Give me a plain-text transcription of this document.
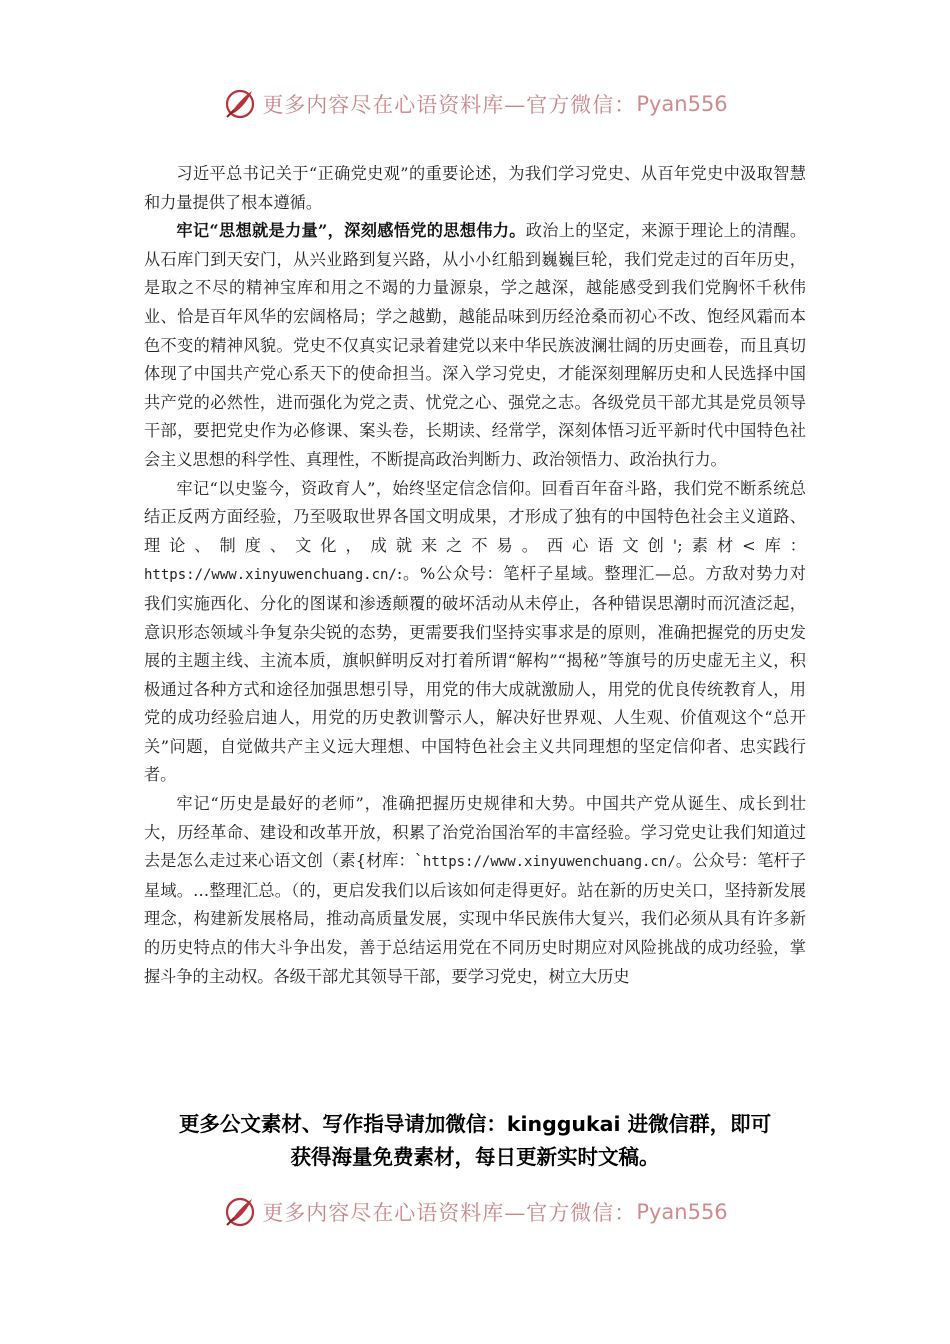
更多内容尽在心语资料库—官方微信： Pyan556

习近平总书记关于“正确党史观”的重要论述，为我们学习党史、从百年党史中汲取智慧和力量提供了根本遵循。

牢记“思想就是力量”，深刻感悟党的思想伟力。政治上的坚定，来源于理论上的清醒。从石库门到天安门，从兴业路到复兴路，从小小红船到巍巍巨轮，我们党走过的百年历史，是取之不尽的精神宝库和用之不竭的力量源泉，学之越深，越能感受到我们党胸怀千秋伟业、恰是百年风华的宏阔格局；学之越勤，越能品味到历经沧桑而初心不改、饱经风霜而本色不变的精神风貌。党史不仅真实记录着建党以来中华民族波澜壮阔的历史画卷，而且真切体现了中国共产党心系天下的使命担当。深入学习党史，才能深刻理解历史和人民选择中国共产党的必然性，进而强化为党之责、忧党之心、强党之志。各级党员干部尤其是党员领导干部，要把党史作为必修课、案头卷，长期读、经常学，深刻体悟习近平新时代中国特色社会主义思想的科学性、真理性，不断提高政治判断力、政治领悟力、政治执行力。

牢记“以史鉴今，资政育人”，始终坚定信念信仰。回看百年奋斗路，我们党不断系统总结正反两方面经验，乃至吸取世界各国文明成果，才形成了独有的中国特色社会主义道路、理论、制度、文化，成就来之不易。西心语文创';素材<库：https://www.xinyuwenchuang.cn/:。%公众号：笔杆子星域。整理汇—总。方敌对势力对我们实施西化、分化的图谋和渗透颠覆的破坏活动从未停止，各种错误思潮时而沉渣泛起，意识形态领域斗争复杂尖锐的态势，更需要我们坚持实事求是的原则，准确把握党的历史发展的主题主线、主流本质，旗帜鲜明反对打着所谓“解构”“揭秘”等旗号的历史虚无主义，积极通过各种方式和途径加强思想引导，用党的伟大成就激励人，用党的优良传统教育人，用党的成功经验启迪人，用党的历史教训警示人，解决好世界观、人生观、价值观这个“总开关”问题，自觉做共产主义远大理想、中国特色社会主义共同理想的坚定信仰者、忠实践行者。

牢记“历史是最好的老师”，准确把握历史规律和大势。中国共产党从诞生、成长到壮大，历经革命、建设和改革开放，积累了治党治国治军的丰富经验。学习党史让我们知道过去是怎么走过来心语文创（素{材库：`https://www.xinyuwenchuang.cn/。公众号：笔杆子星域。…整理汇总。（的，更启发我们以后该如何走得更好。站在新的历史关口，坚持新发展理念，构建新发展格局，推动高质量发展，实现中华民族伟大复兴，我们必须从具有许多新的历史特点的伟大斗争出发，善于总结运用党在不同历史时期应对风险挑战的成功经验，掌握斗争的主动权。各级干部尤其领导干部，要学习党史，树立大历史

更多公文素材、写作指导请加微信：kinggukai 进微信群，即可
获得海量免费素材，每日更新实时文稿。
更多内容尽在心语资料库—官方微信： Pyan556
